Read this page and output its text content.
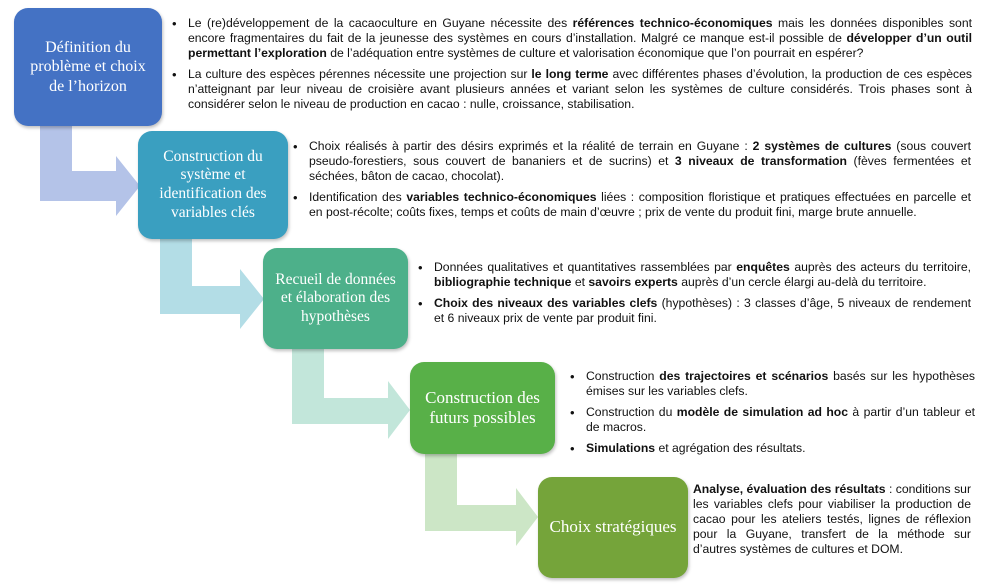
Définition du problème et choix de l’horizon
Construction du système et identification des variables clés
Recueil de données et élaboration des hypothèses
Construction des futurs possibles
Choix stratégiques
• Le (re)développement de la cacaoculture en Guyane nécessite des références technico-économiques mais les données disponibles sont encore fragmentaires du fait de la jeunesse des systèmes en cours d’installation. Malgré ce manque est-il possible de développer d’un outil permettant l’exploration de l’adéquation entre systèmes de culture et valorisation économique que l’on pourrait en espérer?
• La culture des espèces pérennes nécessite une projection sur le long terme avec différentes phases d’évolution, la production de ces espèces n’atteignant par leur niveau de croisière avant plusieurs années et variant selon les systèmes de culture considérés. Trois phases sont à considérer selon le niveau de production en cacao : nulle, croissance, stabilisation.
• Choix réalisés à partir des désirs exprimés et la réalité de terrain en Guyane : 2 systèmes de cultures (sous couvert pseudo-forestiers, sous couvert de bananiers et de sucrins) et 3 niveaux de transformation (fèves fermentées et séchées, bâton de cacao, chocolat).
• Identification des variables technico-économiques liées : composition floristique et pratiques effectuées en parcelle et en post-récolte; coûts fixes, temps et coûts de main d’œuvre ; prix de vente du produit fini, marge brute annuelle.
• Données qualitatives et quantitatives rassemblées par enquêtes auprès des acteurs du territoire, bibliographie technique et savoirs experts auprès d’un cercle élargi au-delà du territoire.
• Choix des niveaux des variables clefs (hypothèses) : 3 classes d’âge, 5 niveaux de rendement et 6 niveaux prix de vente par produit fini.
• Construction des trajectoires et scénarios basés sur les hypothèses émises sur les variables clefs.
• Construction du modèle de simulation ad hoc à partir d’un tableur et de macros.
• Simulations et agrégation des résultats.

Analyse, évaluation des résultats : conditions sur les variables clefs pour viabiliser la production de cacao pour les ateliers testés, lignes de réflexion pour la Guyane, transfert de la méthode sur d’autres systèmes de cultures et DOM.
